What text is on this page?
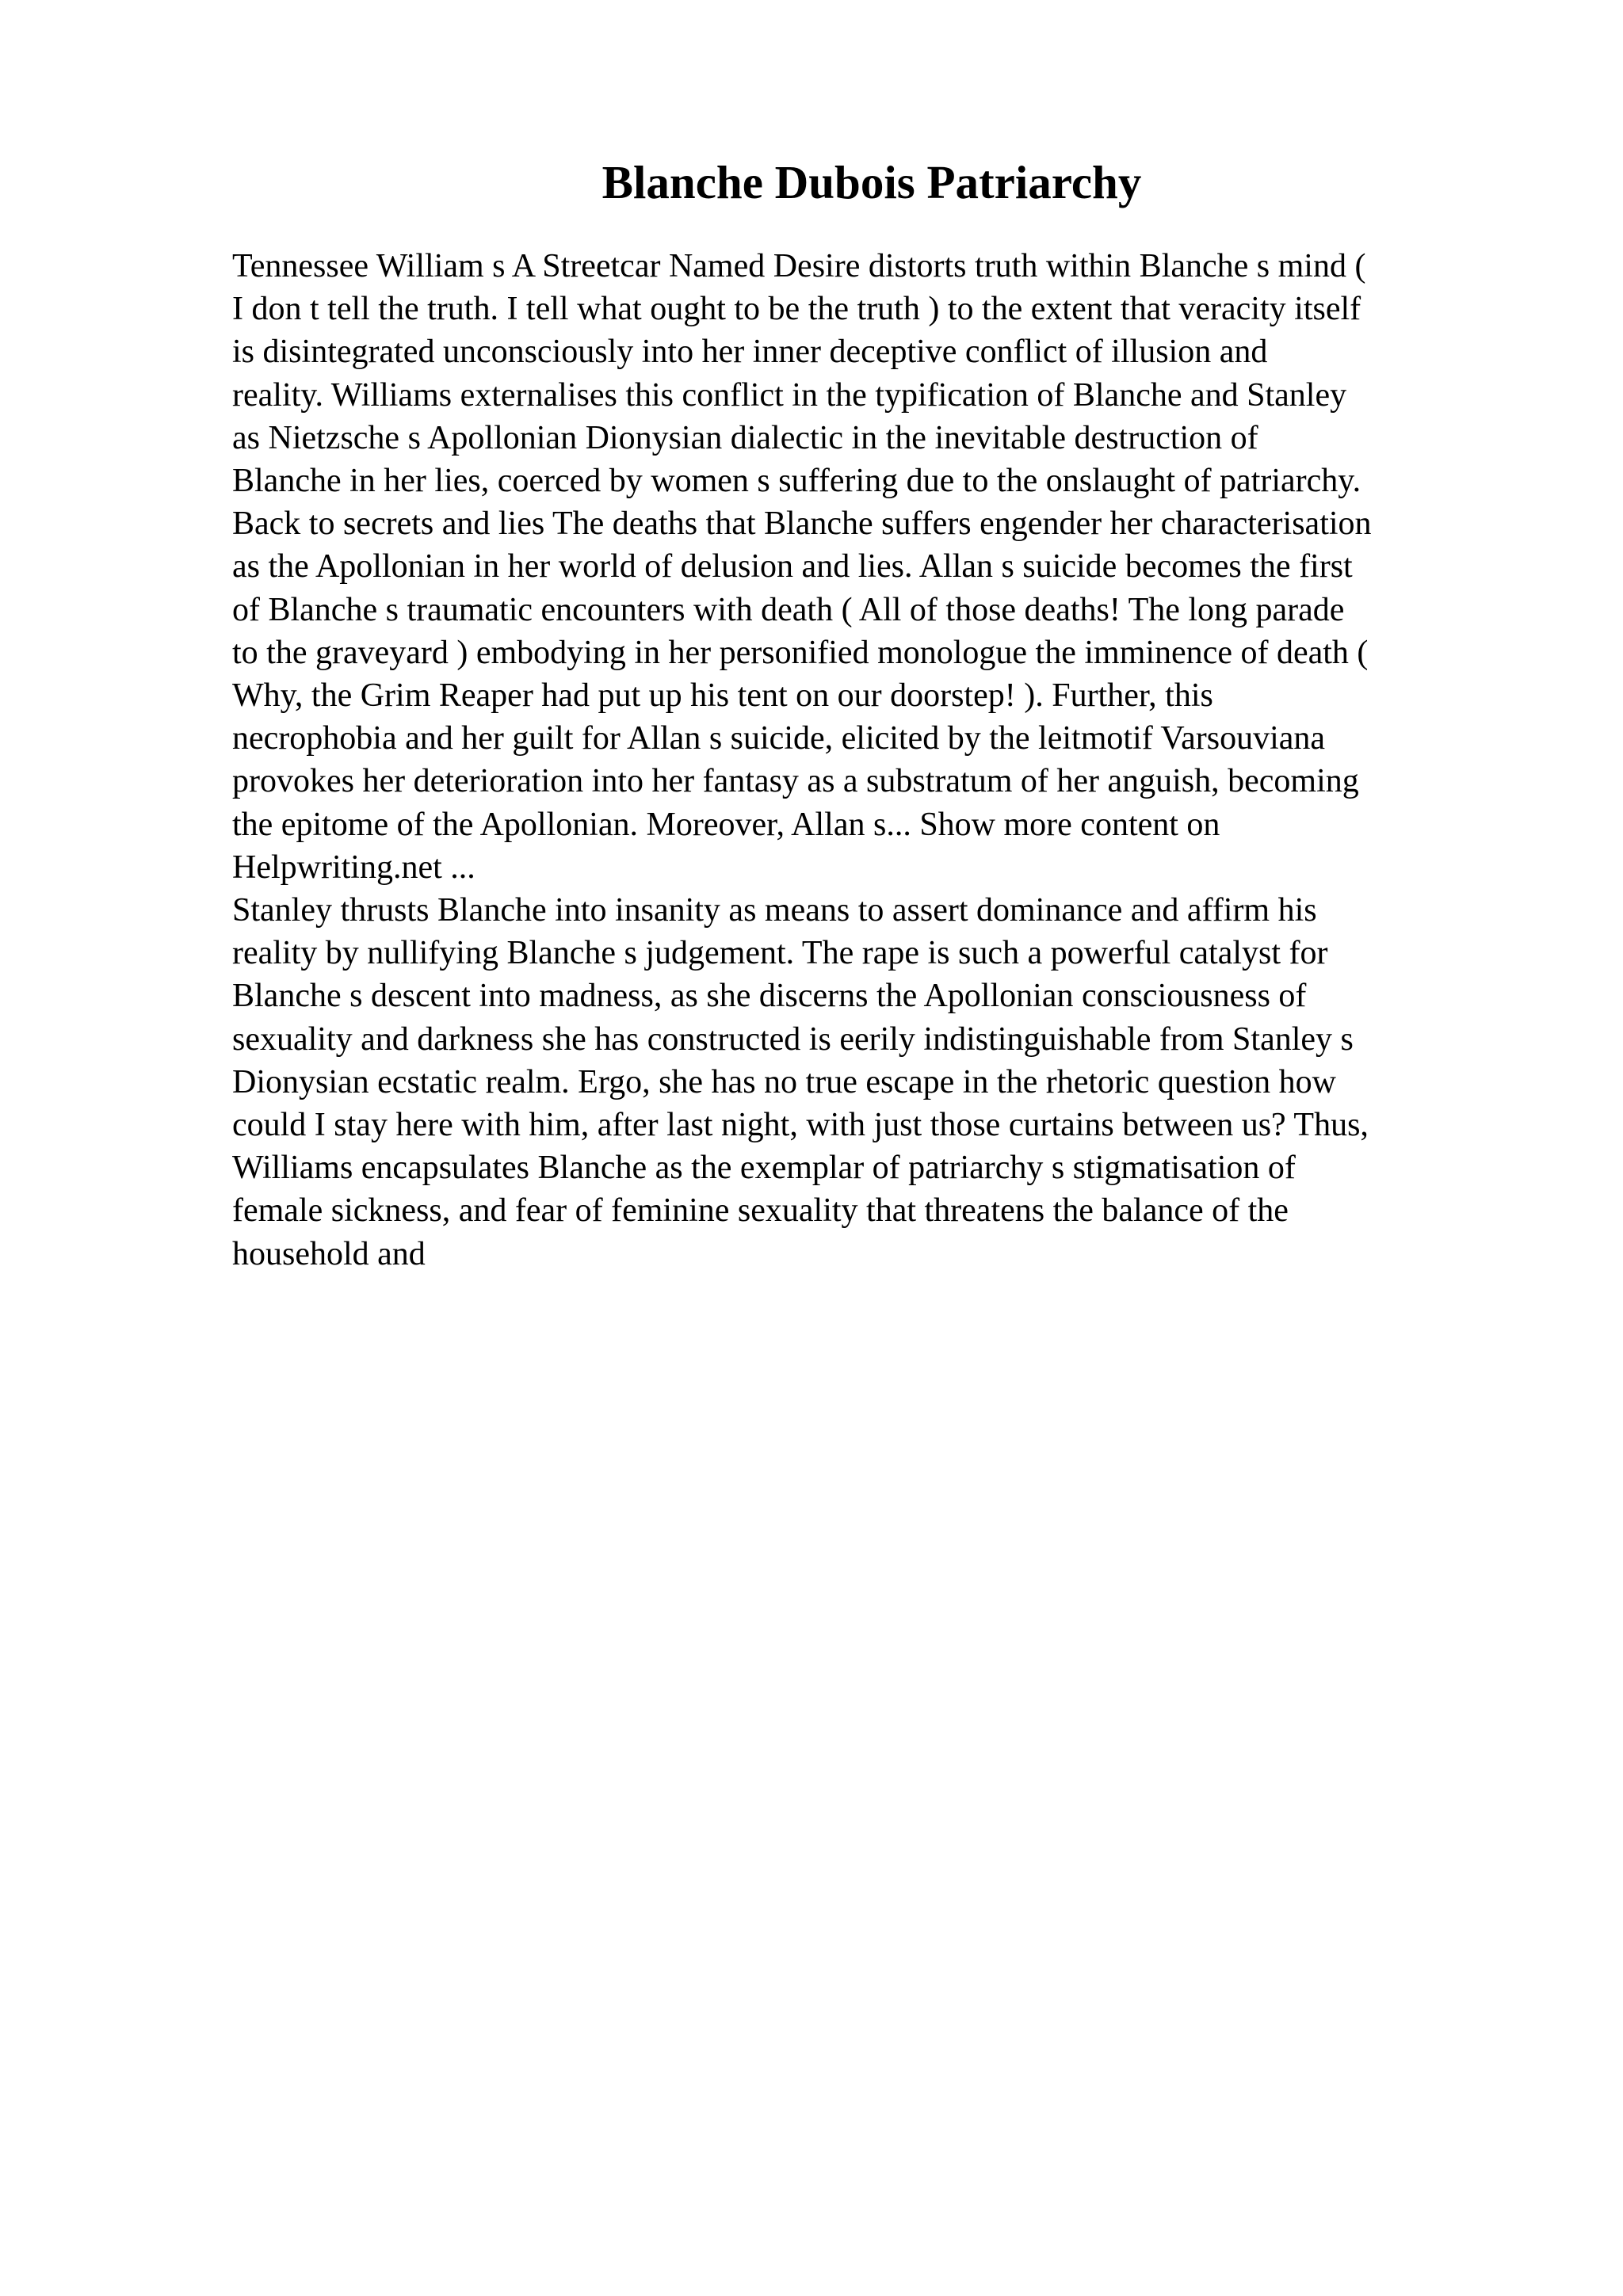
Blanche Dubois Patriarchy
Tennessee William s A Streetcar Named Desire distorts truth within Blanche s mind (
I don t tell the truth. I tell what ought to be the truth ) to the extent that veracity itself
is disintegrated unconsciously into her inner deceptive conflict of illusion and
reality. Williams externalises this conflict in the typification of Blanche and Stanley
as Nietzsche s Apollonian Dionysian dialectic in the inevitable destruction of
Blanche in her lies, coerced by women s suffering due to the onslaught of patriarchy.
Back to secrets and lies The deaths that Blanche suffers engender her characterisation
as the Apollonian in her world of delusion and lies. Allan s suicide becomes the first
of Blanche s traumatic encounters with death ( All of those deaths! The long parade
to the graveyard ) embodying in her personified monologue the imminence of death (
Why, the Grim Reaper had put up his tent on our doorstep! ). Further, this
necrophobia and her guilt for Allan s suicide, elicited by the leitmotif Varsouviana
provokes her deterioration into her fantasy as a substratum of her anguish, becoming
the epitome of the Apollonian. Moreover, Allan s... Show more content on
Helpwriting.net ...
Stanley thrusts Blanche into insanity as means to assert dominance and affirm his
reality by nullifying Blanche s judgement. The rape is such a powerful catalyst for
Blanche s descent into madness, as she discerns the Apollonian consciousness of
sexuality and darkness she has constructed is eerily indistinguishable from Stanley s
Dionysian ecstatic realm. Ergo, she has no true escape in the rhetoric question how
could I stay here with him, after last night, with just those curtains between us? Thus,
Williams encapsulates Blanche as the exemplar of patriarchy s stigmatisation of
female sickness, and fear of feminine sexuality that threatens the balance of the
household and
